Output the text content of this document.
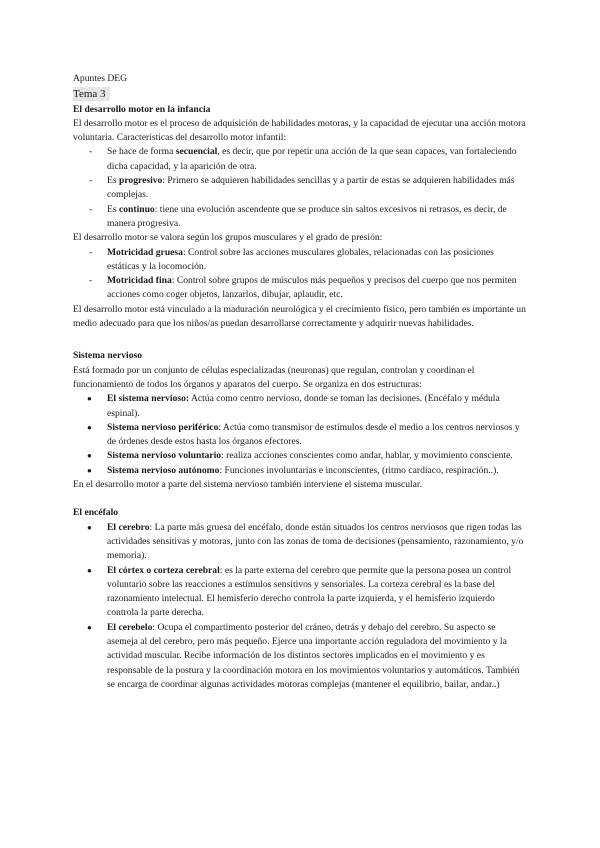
Apuntes DEG

Tema 3

El desarrollo motor en la infancia

El desarrollo motor es el proceso de adquisición de habilidades motoras, y la capacidad de ejecutar una acción motora voluntaria. Características del desarrollo motor infantil:

- Se hace de forma secuencial, es decir, que por repetir una acción de la que sean capaces, van fortaleciendo dicha capacidad, y la aparición de otra.
- Es progresivo: Primero se adquieren habilidades sencillas y a partir de estas se adquieren habilidades más complejas.
- Es continuo: tiene una evolución ascendente que se produce sin saltos excesivos ni retrasos, es decir, de manera progresiva.

El desarrollo motor se valora según los grupos musculares y el grado de presión:

- Motricidad gruesa: Control sobre las acciones musculares globales, relacionadas con las posiciones estáticas y la locomoción.
- Motricidad fina: Control sobre grupos de músculos más pequeños y precisos del cuerpo que nos permiten acciones como coger objetos, lanzarlos, dibujar, aplaudir, etc.

El desarrollo motor está vinculado a la maduración neurológica y el crecimiento físico, pero también es importante un medio adecuado para que los niños/as puedan desarrollarse correctamente y adquirir nuevas habilidades.

Sistema nervioso

Está formado por un conjunto de células especializadas (neuronas) que regulan, controlan y coordinan el funcionamiento de todos los órganos y aparatos del cuerpo. Se organiza en dos estructuras:

● El sistema nervioso: Actúa como centro nervioso, donde se toman las decisiones. (Encéfalo y médula espinal).
● Sistema nervioso periférico: Actúa como transmisor de estímulos desde el medio a los centros nerviosos y de órdenes desde estos hasta los órganos efectores.
● Sistema nervioso voluntario: realiza acciones conscientes como andar, hablar, y movimiento consciente.
● Sistema nervioso autónomo: Funciones involuntarias e inconscientes, (ritmo cardiaco, respiración..).

En el desarrollo motor a parte del sistema nervioso también interviene el sistema muscular.

El encéfalo

● El cerebro: La parte más gruesa del encéfalo, donde están situados los centros nerviosos que rigen todas las actividades sensitivas y motoras, junto con las zonas de toma de decisiones (pensamiento, razonamiento, y/o memoria).
● El córtex o corteza cerebral: es la parte externa del cerebro que permite que la persona posea un control voluntario sobre las reacciones a estímulos sensitivos y sensoriales. La corteza cerebral es la base del razonamiento intelectual. El hemisferio derecho controla la parte izquierda, y el hemisferio izquierdo controla la parte derecha.
● El cerebelo: Ocupa el compartimento posterior del cráneo, detrás y debajo del cerebro. Su aspecto se asemeja al del cerebro, pero más pequeño. Ejerce una importante acción reguladora del movimiento y la actividad muscular. Recibe información de los distintos sectores implicados en el movimiento y es responsable de la postura y la coordinación motora en los movimientos voluntarios y automáticos. También se encarga de coordinar algunas actividades motoras complejas (mantener el equilibrio, bailar, andar..)
